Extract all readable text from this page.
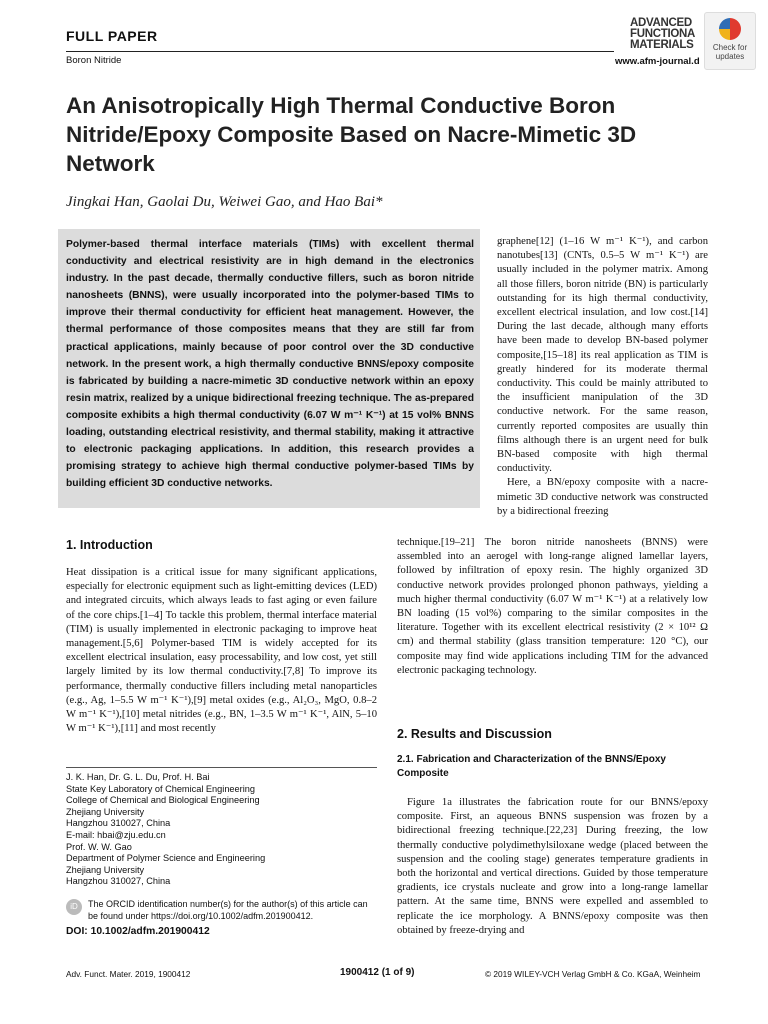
FULL PAPER
Boron Nitride
ADVANCED
FUNCTIONA
MATERIALS
www.afm-journal.d
Check for updates
An Anisotropically High Thermal Conductive Boron Nitride/Epoxy Composite Based on Nacre-Mimetic 3D Network
Jingkai Han, Gaolai Du, Weiwei Gao, and Hao Bai*
Polymer-based thermal interface materials (TIMs) with excellent thermal conductivity and electrical resistivity are in high demand in the electronics industry. In the past decade, thermally conductive fillers, such as boron nitride nanosheets (BNNS), were usually incorporated into the polymer-based TIMs to improve their thermal conductivity for efficient heat management. However, the thermal performance of those composites means that they are still far from practical applications, mainly because of poor control over the 3D conductive network. In the present work, a high thermally conductive BNNS/epoxy composite is fabricated by building a nacre-mimetic 3D conductive network within an epoxy resin matrix, realized by a unique bidirectional freezing technique. The as-prepared composite exhibits a high thermal conductivity (6.07 W m⁻¹ K⁻¹) at 15 vol% BNNS loading, outstanding electrical resistivity, and thermal stability, making it attractive to electronic packaging applications. In addition, this research provides a promising strategy to achieve high thermal conductive polymer-based TIMs by building efficient 3D conductive networks.

graphene[12] (1–16 W m⁻¹ K⁻¹), and carbon nanotubes[13] (CNTs, 0.5–5 W m⁻¹ K⁻¹) are usually included in the polymer matrix. Among all those fillers, boron nitride (BN) is particularly outstanding for its high thermal conductivity, excellent electrical insulation, and low cost.[14] During the last decade, although many efforts have been made to develop BN-based polymer composite,[15–18] its real application as TIM is greatly hindered for its moderate thermal conductivity. This could be mainly attributed to the insufficient manipulation of the 3D conductive network. For the same reason, currently reported composites are usually thin films although there is an urgent need for bulk BN-based composite with high thermal conductivity.

Here, a BN/epoxy composite with a nacre-mimetic 3D conductive network was constructed by a bidirectional freezing

technique.[19–21] The boron nitride nanosheets (BNNS) were assembled into an aerogel with long-range aligned lamellar layers, followed by infiltration of epoxy resin. The highly organized 3D conductive network provides prolonged phonon pathways, yielding a much higher thermal conductivity (6.07 W m⁻¹ K⁻¹) at a relatively low BN loading (15 vol%) comparing to the similar composites in the literature. Together with its excellent electrical resistivity (2 × 10¹² Ω cm) and thermal stability (glass transition temperature: 120 °C), our composite may find wide applications including TIM for the advanced electronic packaging technology.

1. Introduction

Heat dissipation is a critical issue for many significant applications, especially for electronic equipment such as light-emitting devices (LED) and integrated circuits, which always leads to fast aging or even failure of the core chips.[1–4] To tackle this problem, thermal interface material (TIM) is usually implemented in electronic packaging to improve heat management.[5,6] Polymer-based TIM is widely accepted for its excellent electrical insulation, easy processability, and low cost, yet still largely limited by its low thermal conductivity.[7,8] To improve its performance, thermally conductive fillers including metal nanoparticles (e.g., Ag, 1–5.5 W m⁻¹ K⁻¹),[9] metal oxides (e.g., Al₂O₃, MgO, 0.8–2 W m⁻¹ K⁻¹),[10] metal nitrides (e.g., BN, 1–3.5 W m⁻¹ K⁻¹, AlN, 5–10 W m⁻¹ K⁻¹),[11] and most recently	2. Results and Discussion
2.1. Fabrication and Characterization of the BNNS/Epoxy Composite

Figure 1a illustrates the fabrication route for our BNNS/epoxy composite. First, an aqueous BNNS suspension was frozen by a bidirectional freezing technique.[22,23] During freezing, the low thermally conductive polydimethylsiloxane wedge (placed between the suspension and the cooling stage) generates temperature gradients in both the horizontal and vertical directions. Guided by those temperature gradients, ice crystals nucleate and grow into a long-range lamellar pattern. At the same time, BNNS were expelled and assembled to replicate the ice morphology. A BNNS/epoxy composite was then obtained by freeze-drying and

J. K. Han, Dr. G. L. Du, Prof. H. Bai
State Key Laboratory of Chemical Engineering
College of Chemical and Biological Engineering
Zhejiang University
Hangzhou 310027, China
E-mail: hbai@zju.edu.cn
Prof. W. W. Gao
Department of Polymer Science and Engineering
Zhejiang University
Hangzhou 310027, China
iD The ORCID identification number(s) for the author(s) of this article can be found under https://doi.org/10.1002/adfm.201900412.
DOI: 10.1002/adfm.201900412
Adv. Funct. Mater. 2019, 1900412	1900412 (1 of 9)	© 2019 WILEY-VCH Verlag GmbH & Co. KGaA, Weinheim
